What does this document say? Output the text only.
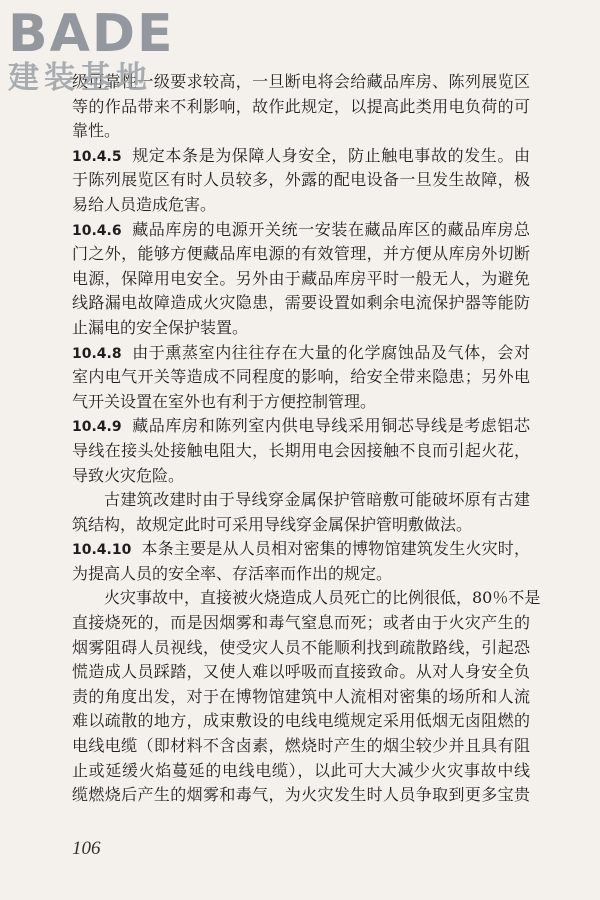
BADE
建装基地
级可靠性一级要求较高，一旦断电将会给藏品库房、陈列展览区
等的作品带来不利影响，故作此规定，以提高此类用电负荷的可
靠性。
10.4.5 规定本条是为保障人身安全，防止触电事故的发生。由
于陈列展览区有时人员较多，外露的配电设备一旦发生故障，极
易给人员造成危害。
10.4.6 藏品库房的电源开关统一安装在藏品库区的藏品库房总
门之外，能够方便藏品库电源的有效管理，并方便从库房外切断
电源，保障用电安全。另外由于藏品库房平时一般无人，为避免
线路漏电故障造成火灾隐患，需要设置如剩余电流保护器等能防
止漏电的安全保护装置。
10.4.8 由于熏蒸室内往往存在大量的化学腐蚀品及气体，会对
室内电气开关等造成不同程度的影响，给安全带来隐患；另外电
气开关设置在室外也有利于方便控制管理。
10.4.9 藏品库房和陈列室内供电导线采用铜芯导线是考虑铝芯
导线在接头处接触电阻大，长期用电会因接触不良而引起火花，
导致火灾危险。
古建筑改建时由于导线穿金属保护管暗敷可能破坏原有古建
筑结构，故规定此时可采用导线穿金属保护管明敷做法。
10.4.10 本条主要是从人员相对密集的博物馆建筑发生火灾时，
为提高人员的安全率、存活率而作出的规定。
火灾事故中，直接被火烧造成人员死亡的比例很低，80％不是
直接烧死的，而是因烟雾和毒气窒息而死；或者由于火灾产生的
烟雾阻碍人员视线，使受灾人员不能顺利找到疏散路线，引起恐
慌造成人员踩踏，又使人难以呼吸而直接致命。从对人身安全负
责的角度出发，对于在博物馆建筑中人流相对密集的场所和人流
难以疏散的地方，成束敷设的电线电缆规定采用低烟无卤阻燃的
电线电缆（即材料不含卤素，燃烧时产生的烟尘较少并且具有阻
止或延缓火焰蔓延的电线电缆），以此可大大减少火灾事故中线
缆燃烧后产生的烟雾和毒气，为火灾发生时人员争取到更多宝贵
106
